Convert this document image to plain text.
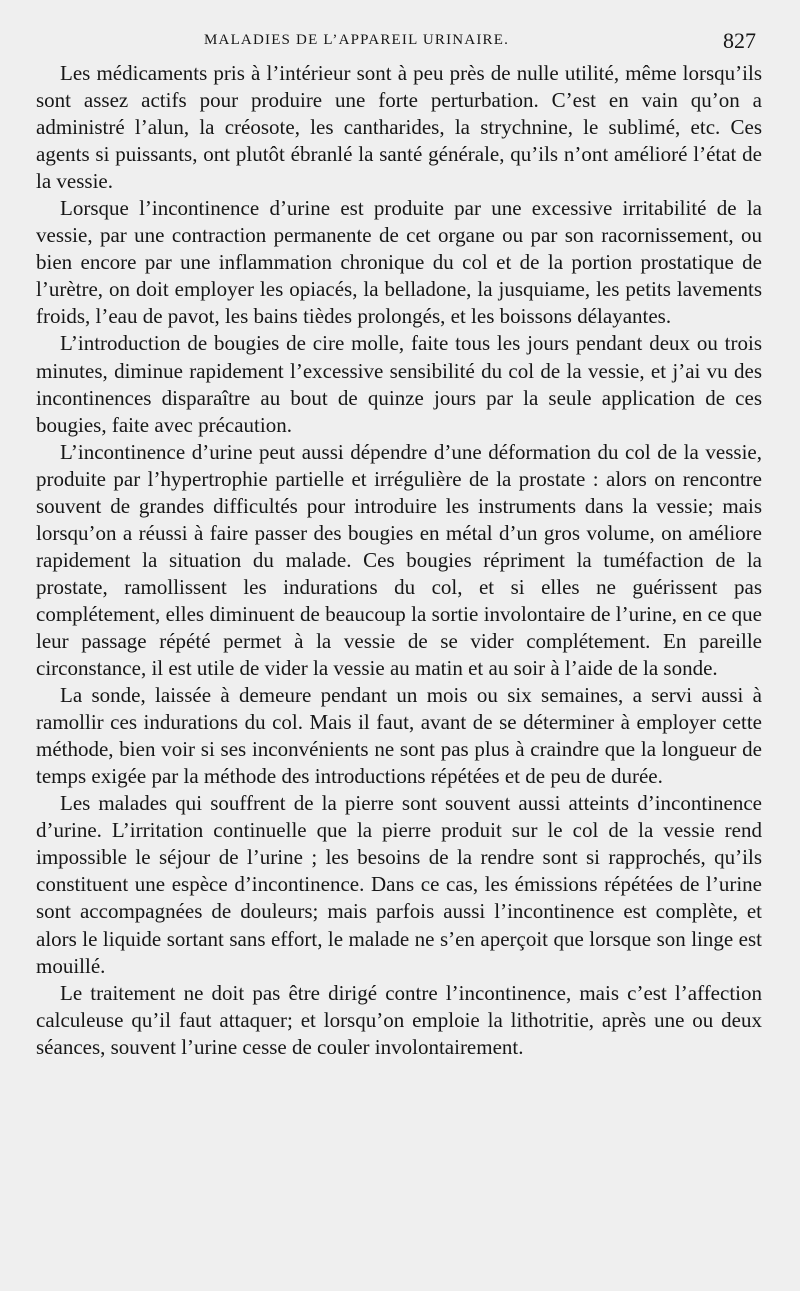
MALADIES DE L’APPAREIL URINAIRE.	827

Les médicaments pris à l’intérieur sont à peu près de nulle utilité, même lorsqu’ils sont assez actifs pour produire une forte perturbation. C’est en vain qu’on a administré l’alun, la créosote, les cantharides, la strychnine, le sublimé, etc. Ces agents si puissants, ont plutôt ébranlé la santé générale, qu’ils n’ont amélioré l’état de la vessie.

Lorsque l’incontinence d’urine est produite par une excessive irritabilité de la vessie, par une contraction permanente de cet organe ou par son racornissement, ou bien encore par une inflammation chronique du col et de la portion prostatique de l’urètre, on doit employer les opiacés, la belladone, la jusquiame, les petits lavements froids, l’eau de pavot, les bains tièdes prolongés, et les boissons délayantes.

L’introduction de bougies de cire molle, faite tous les jours pendant deux ou trois minutes, diminue rapidement l’excessive sensibilité du col de la vessie, et j’ai vu des incontinences disparaître au bout de quinze jours par la seule application de ces bougies, faite avec précaution.

L’incontinence d’urine peut aussi dépendre d’une déformation du col de la vessie, produite par l’hypertrophie partielle et irrégulière de la prostate : alors on rencontre souvent de grandes difficultés pour introduire les instruments dans la vessie; mais lorsqu’on a réussi à faire passer des bougies en métal d’un gros volume, on améliore rapidement la situation du malade. Ces bougies répriment la tuméfaction de la prostate, ramollissent les indurations du col, et si elles ne guérissent pas complétement, elles diminuent de beaucoup la sortie involontaire de l’urine, en ce que leur passage répété permet à la vessie de se vider complétement. En pareille circonstance, il est utile de vider la vessie au matin et au soir à l’aide de la sonde.

La sonde, laissée à demeure pendant un mois ou six semaines, a servi aussi à ramollir ces indurations du col. Mais il faut, avant de se déterminer à employer cette méthode, bien voir si ses inconvénients ne sont pas plus à craindre que la longueur de temps exigée par la méthode des introductions répétées et de peu de durée.

Les malades qui souffrent de la pierre sont souvent aussi atteints d’incontinence d’urine. L’irritation continuelle que la pierre produit sur le col de la vessie rend impossible le séjour de l’urine ; les besoins de la rendre sont si rapprochés, qu’ils constituent une espèce d’incontinence. Dans ce cas, les émissions répétées de l’urine sont accompagnées de douleurs; mais parfois aussi l’incontinence est complète, et alors le liquide sortant sans effort, le malade ne s’en aperçoit que lorsque son linge est mouillé.

Le traitement ne doit pas être dirigé contre l’incontinence, mais c’est l’affection calculeuse qu’il faut attaquer; et lorsqu’on emploie la lithotritie, après une ou deux séances, souvent l’urine cesse de couler involontairement.
